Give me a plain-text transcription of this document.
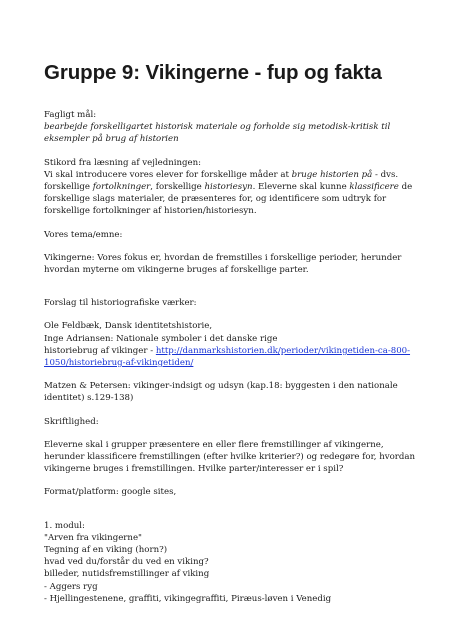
Gruppe 9: Vikingerne - fup og fakta

Fagligt mål:

bearbejde forskelligartet historisk materiale og forholde sig metodisk-kritisk til eksempler på brug af historien

Stikord fra læsning af vejledningen:

Vi skal introducere vores elever for forskellige måder at bruge historien på - dvs. forskellige fortolkninger, forskellige historiesyn. Eleverne skal kunne klassificere de forskellige slags materialer, de præsenteres for, og identificere som udtryk for forskellige fortolkninger af historien/historiesyn.

Vores tema/emne:

Vikingerne: Vores fokus er, hvordan de fremstilles i forskellige perioder, herunder hvordan myterne om vikingerne bruges af forskellige parter.

Forslag til historiografiske værker:

Ole Feldbæk, Dansk identitetshistorie,

Inge Adriansen: Nationale symboler i det danske rige

historiebrug af vikinger - http://danmarkshistorien.dk/perioder/vikingetiden-ca-800-

1050/historiebrug-af-vikingetiden/

Matzen & Petersen: vikinger-indsigt og udsyn (kap.18: byggesten i den nationale identitet) s.129-138)

Skriftlighed:

Eleverne skal i grupper præsentere en eller flere fremstillinger af vikingerne, herunder klassificere fremstillingen (efter hvilke kriterier?) og redegøre for, hvordan vikingerne bruges i fremstillingen. Hvilke parter/interesser er i spil?

Format/platform: google sites,

1. modul:

"Arven fra vikingerne"

Tegning af en viking (horn?)

hvad ved du/forstår du ved en viking?

billeder, nutidsfremstillinger af viking

- Aggers ryg

- Hjellingestenene, graffiti, vikingegraffiti, Piræus-løven i Venedig
